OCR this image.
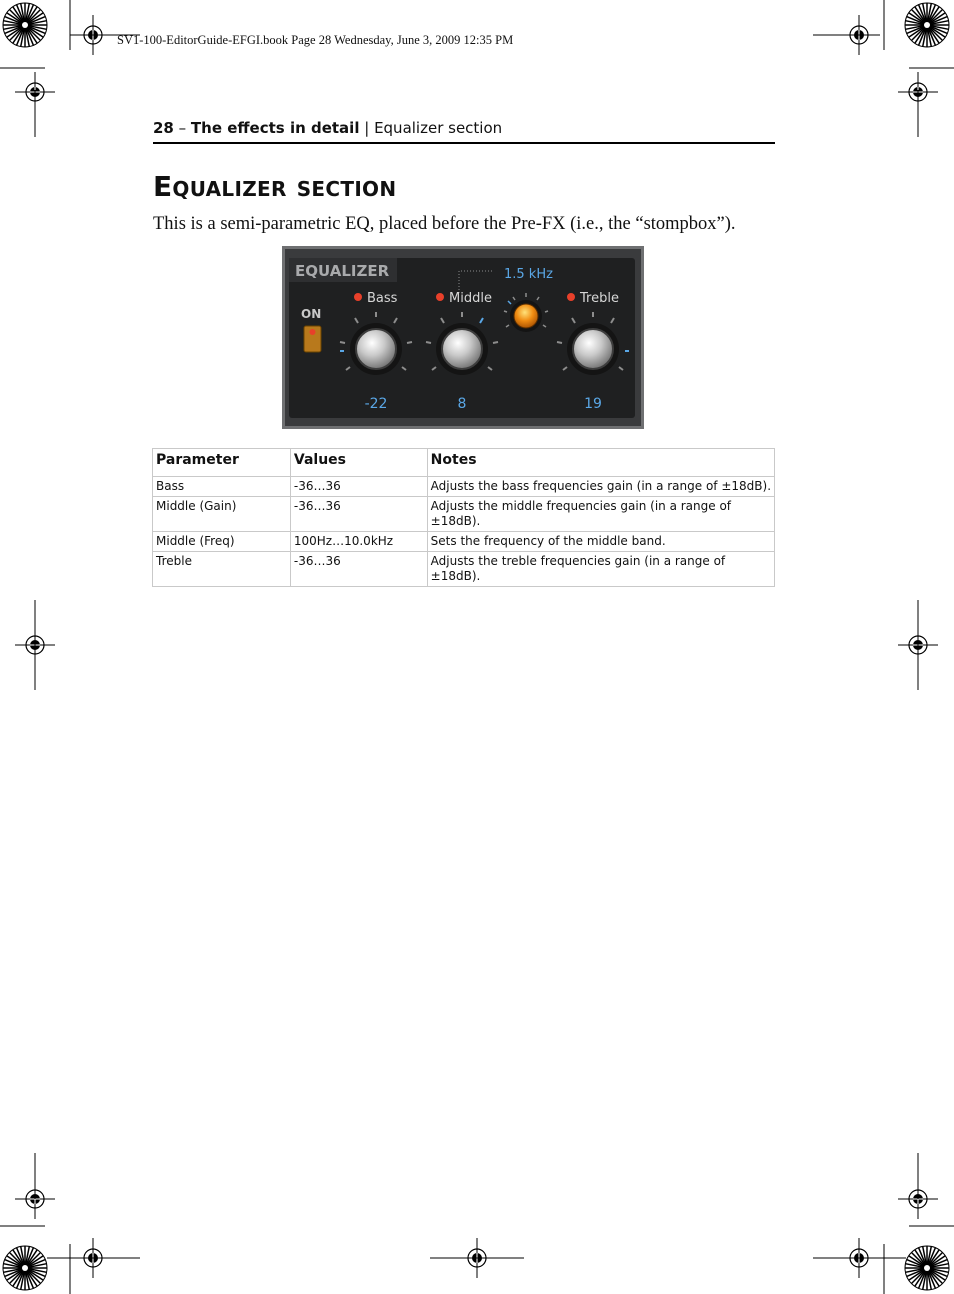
SV1-100-EditorGuide-EFGI.book Page 28 Wednesday, June 3, 2009 12:35 PM
28 – The effects in detail | Equalizer section
Equalizer section
This is a semi-parametric EQ, placed before the Pre-FX (i.e., the “stompbox”).
EQUALIZER
ON
1.5 kHz
Bass	Middle	Treble
-22	8	19
Parameter	Values	Notes
Bass	-36…36	Adjusts the bass frequencies gain (in a range of ±18dB).
Middle (Gain)	-36…36	Adjusts the middle frequencies gain (in a range of ±18dB).
Middle (Freq)	100Hz…10.0kHz	Sets the frequency of the middle band.
Treble	-36…36	Adjusts the treble frequencies gain (in a range of ±18dB).
